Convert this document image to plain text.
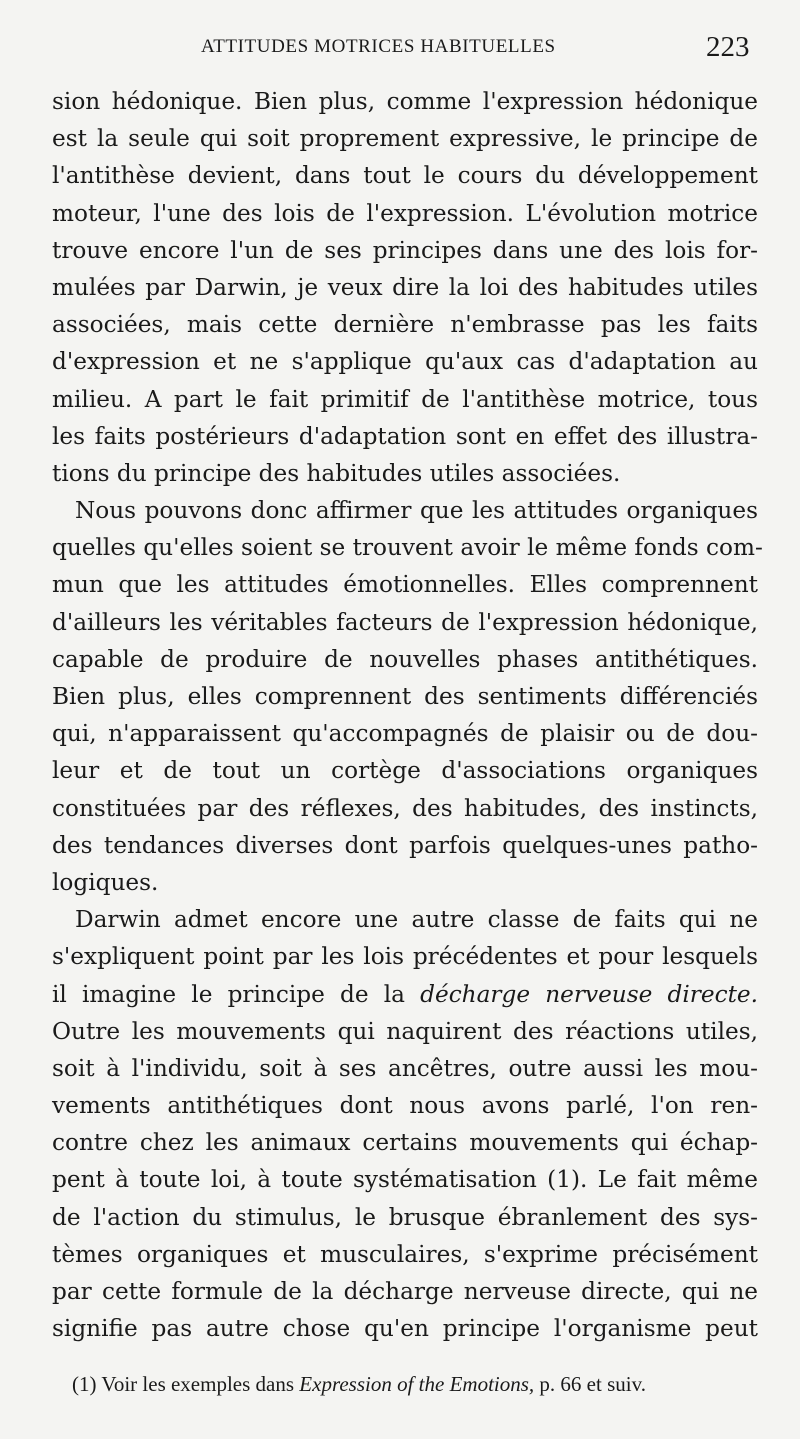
ATTITUDES MOTRICES HABITUELLES	223
sion hédonique. Bien plus, comme l'expression hédonique
est la seule qui soit proprement expressive, le principe de
l'antithèse devient, dans tout le cours du développement
moteur, l'une des lois de l'expression. L'évolution motrice
trouve encore l'un de ses principes dans une des lois for-
mulées par Darwin, je veux dire la loi des habitudes utiles
associées, mais cette dernière n'embrasse pas les faits
d'expression et ne s'applique qu'aux cas d'adaptation au
milieu. A part le fait primitif de l'antithèse motrice, tous
les faits postérieurs d'adaptation sont en effet des illustra-
tions du principe des habitudes utiles associées.
Nous pouvons donc affirmer que les attitudes organiques
quelles qu'elles soient se trouvent avoir le même fonds com-
mun que les attitudes émotionnelles. Elles comprennent
d'ailleurs les véritables facteurs de l'expression hédonique,
capable de produire de nouvelles phases antithétiques.
Bien plus, elles comprennent des sentiments différenciés
qui, n'apparaissent qu'accompagnés de plaisir ou de dou-
leur et de tout un cortège d'associations organiques
constituées par des réflexes, des habitudes, des instincts,
des tendances diverses dont parfois quelques-unes patho-
logiques.
Darwin admet encore une autre classe de faits qui ne
s'expliquent point par les lois précédentes et pour lesquels
il imagine le principe de la décharge nerveuse directe.
Outre les mouvements qui naquirent des réactions utiles,
soit à l'individu, soit à ses ancêtres, outre aussi les mou-
vements antithétiques dont nous avons parlé, l'on ren-
contre chez les animaux certains mouvements qui échap-
pent à toute loi, à toute systématisation (1). Le fait même
de l'action du stimulus, le brusque ébranlement des sys-
tèmes organiques et musculaires, s'exprime précisément
par cette formule de la décharge nerveuse directe, qui ne
signifie pas autre chose qu'en principe l'organisme peut
(1) Voir les exemples dans Expression of the Emotions, p. 66 et suiv.
